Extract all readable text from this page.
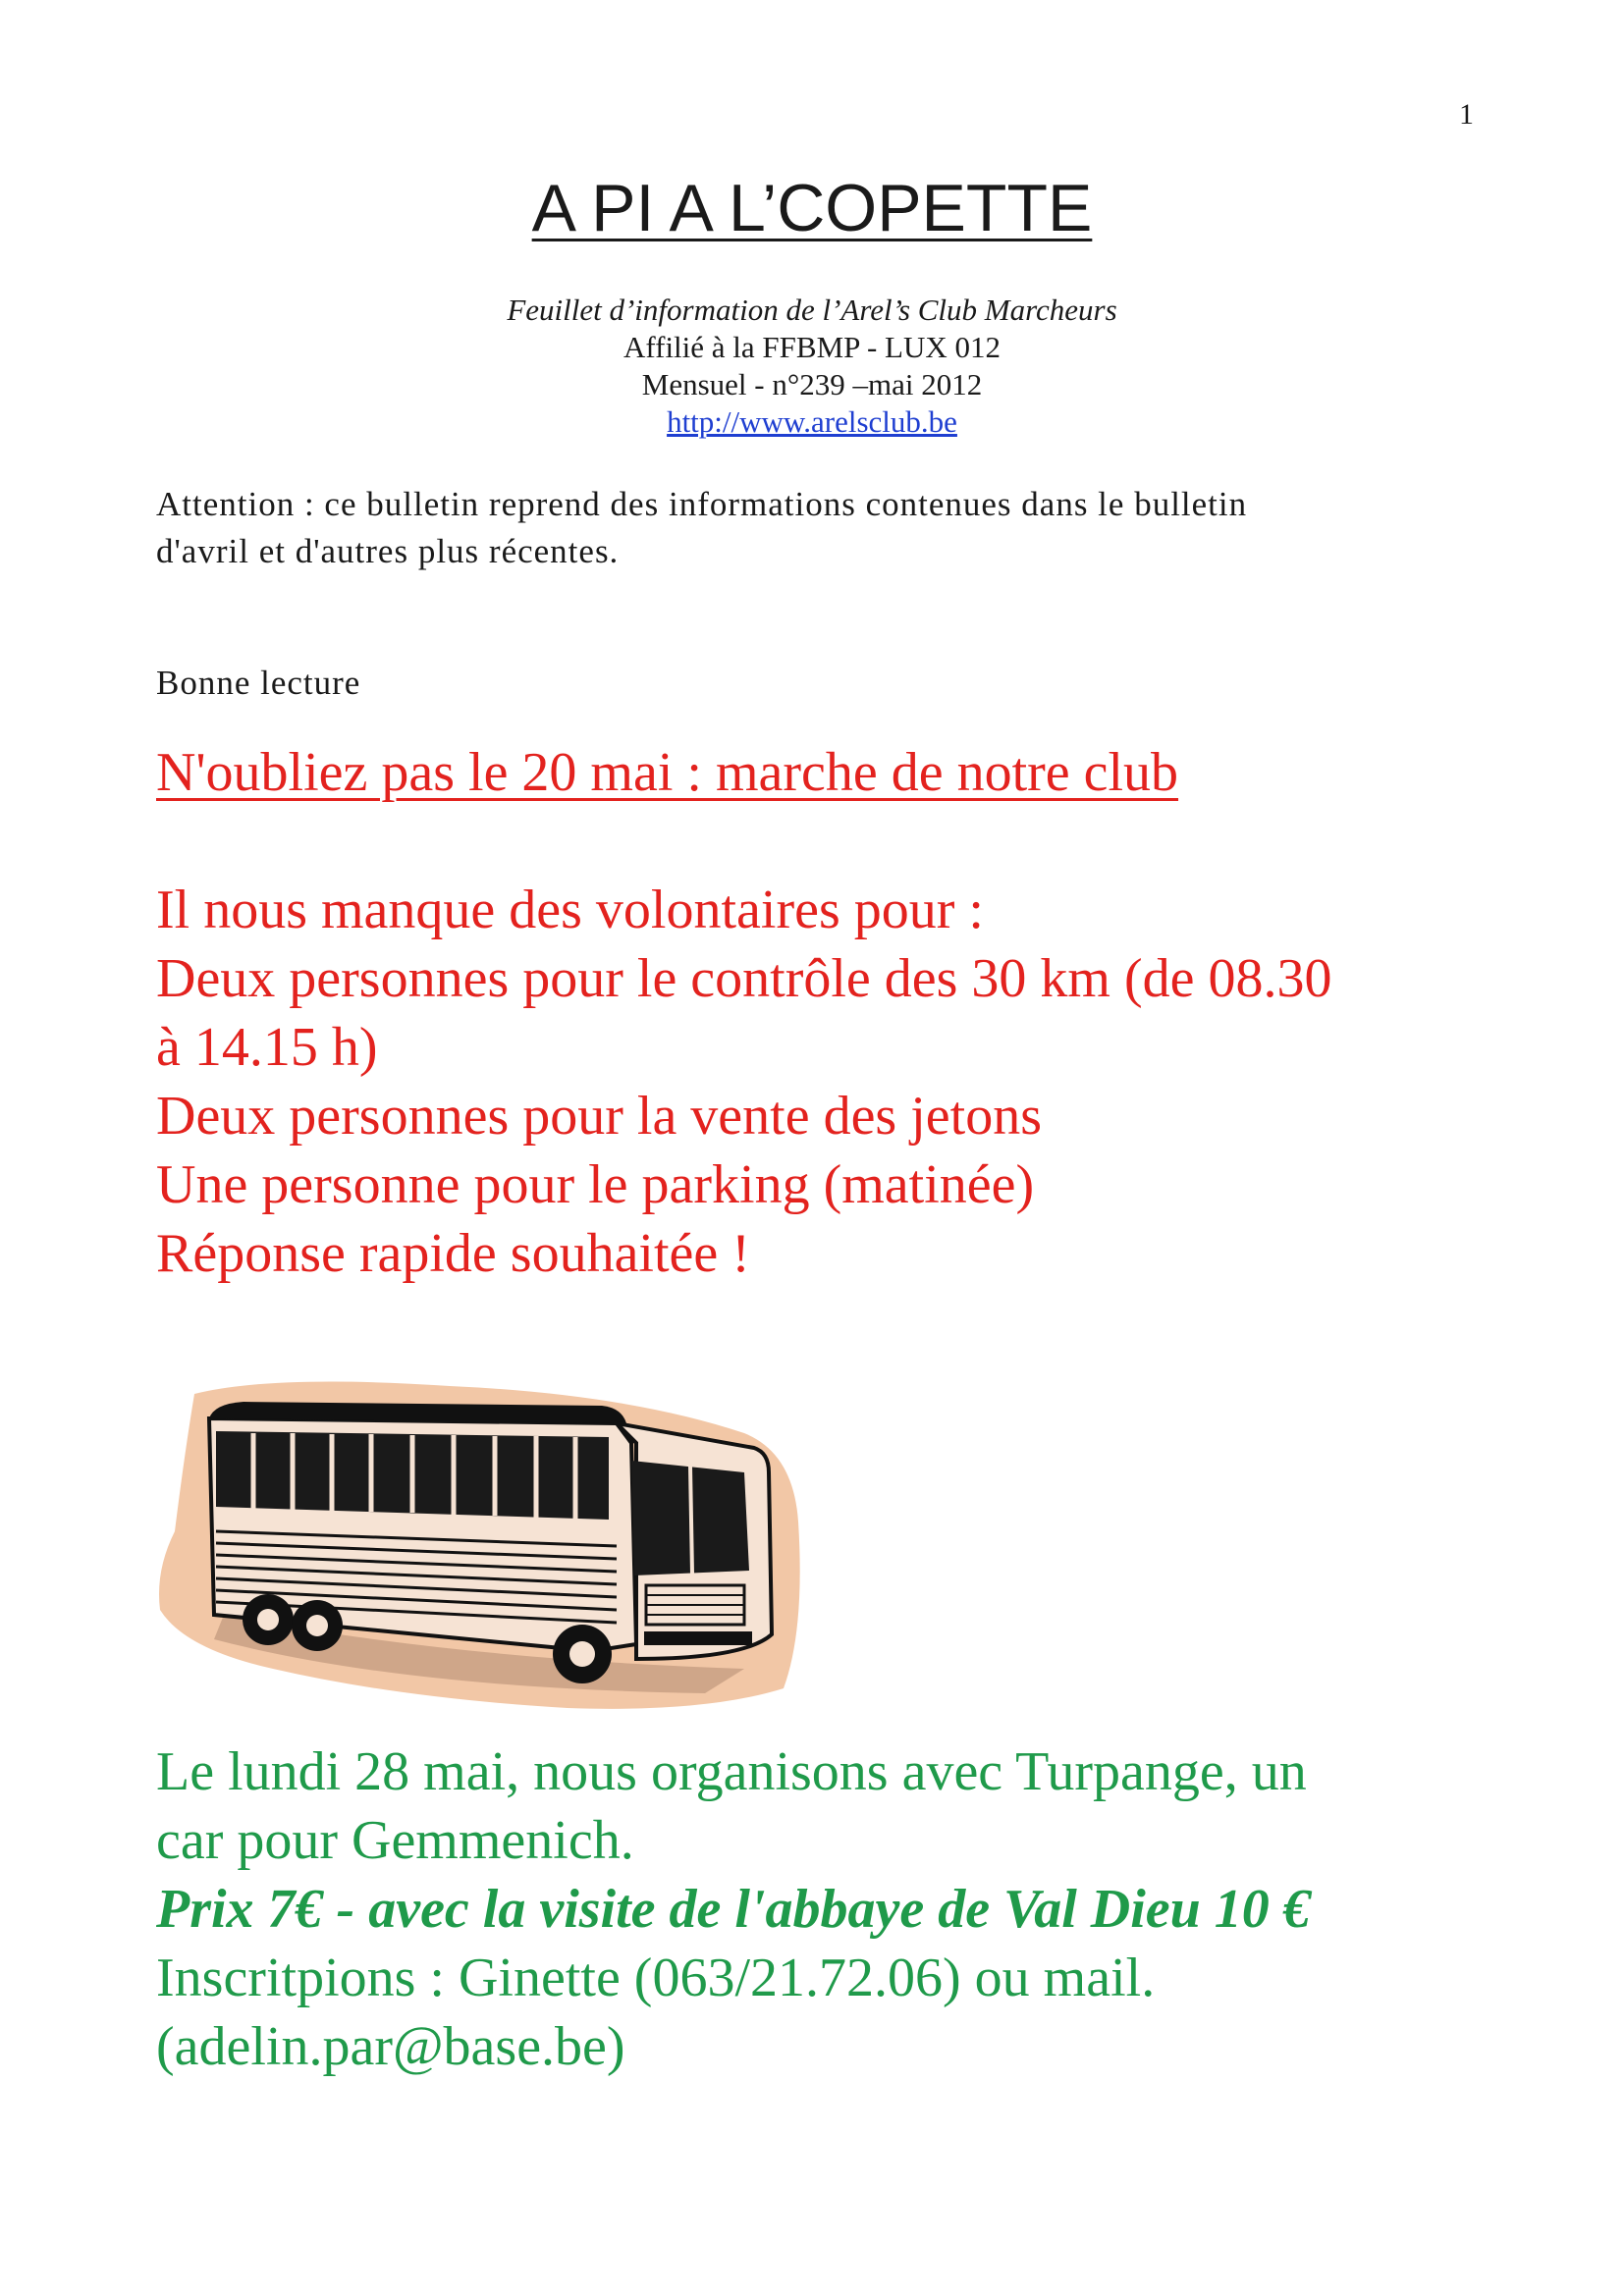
1
A PI A L’COPETTE
Feuillet d’information de l’Arel’s Club Marcheurs
Affilié à la FFBMP - LUX 012
Mensuel - n°239 –mai 2012
http://www.arelsclub.be
Attention : ce bulletin reprend des informations contenues dans le bulletin
d'avril et d'autres plus récentes.
Bonne lecture
N'oubliez pas le 20 mai : marche de notre club
Il nous manque des volontaires pour :
Deux personnes pour le contrôle des 30 km (de 08.30
à 14.15 h)
Deux personnes pour la vente des jetons
Une personne pour le parking (matinée)
Réponse rapide souhaitée !
Le lundi 28 mai, nous organisons avec Turpange, un
car pour Gemmenich.
Prix 7€ - avec la visite de l'abbaye de Val Dieu 10 €
Inscritpions : Ginette (063/21.72.06) ou mail.
(adelin.par@base.be)
